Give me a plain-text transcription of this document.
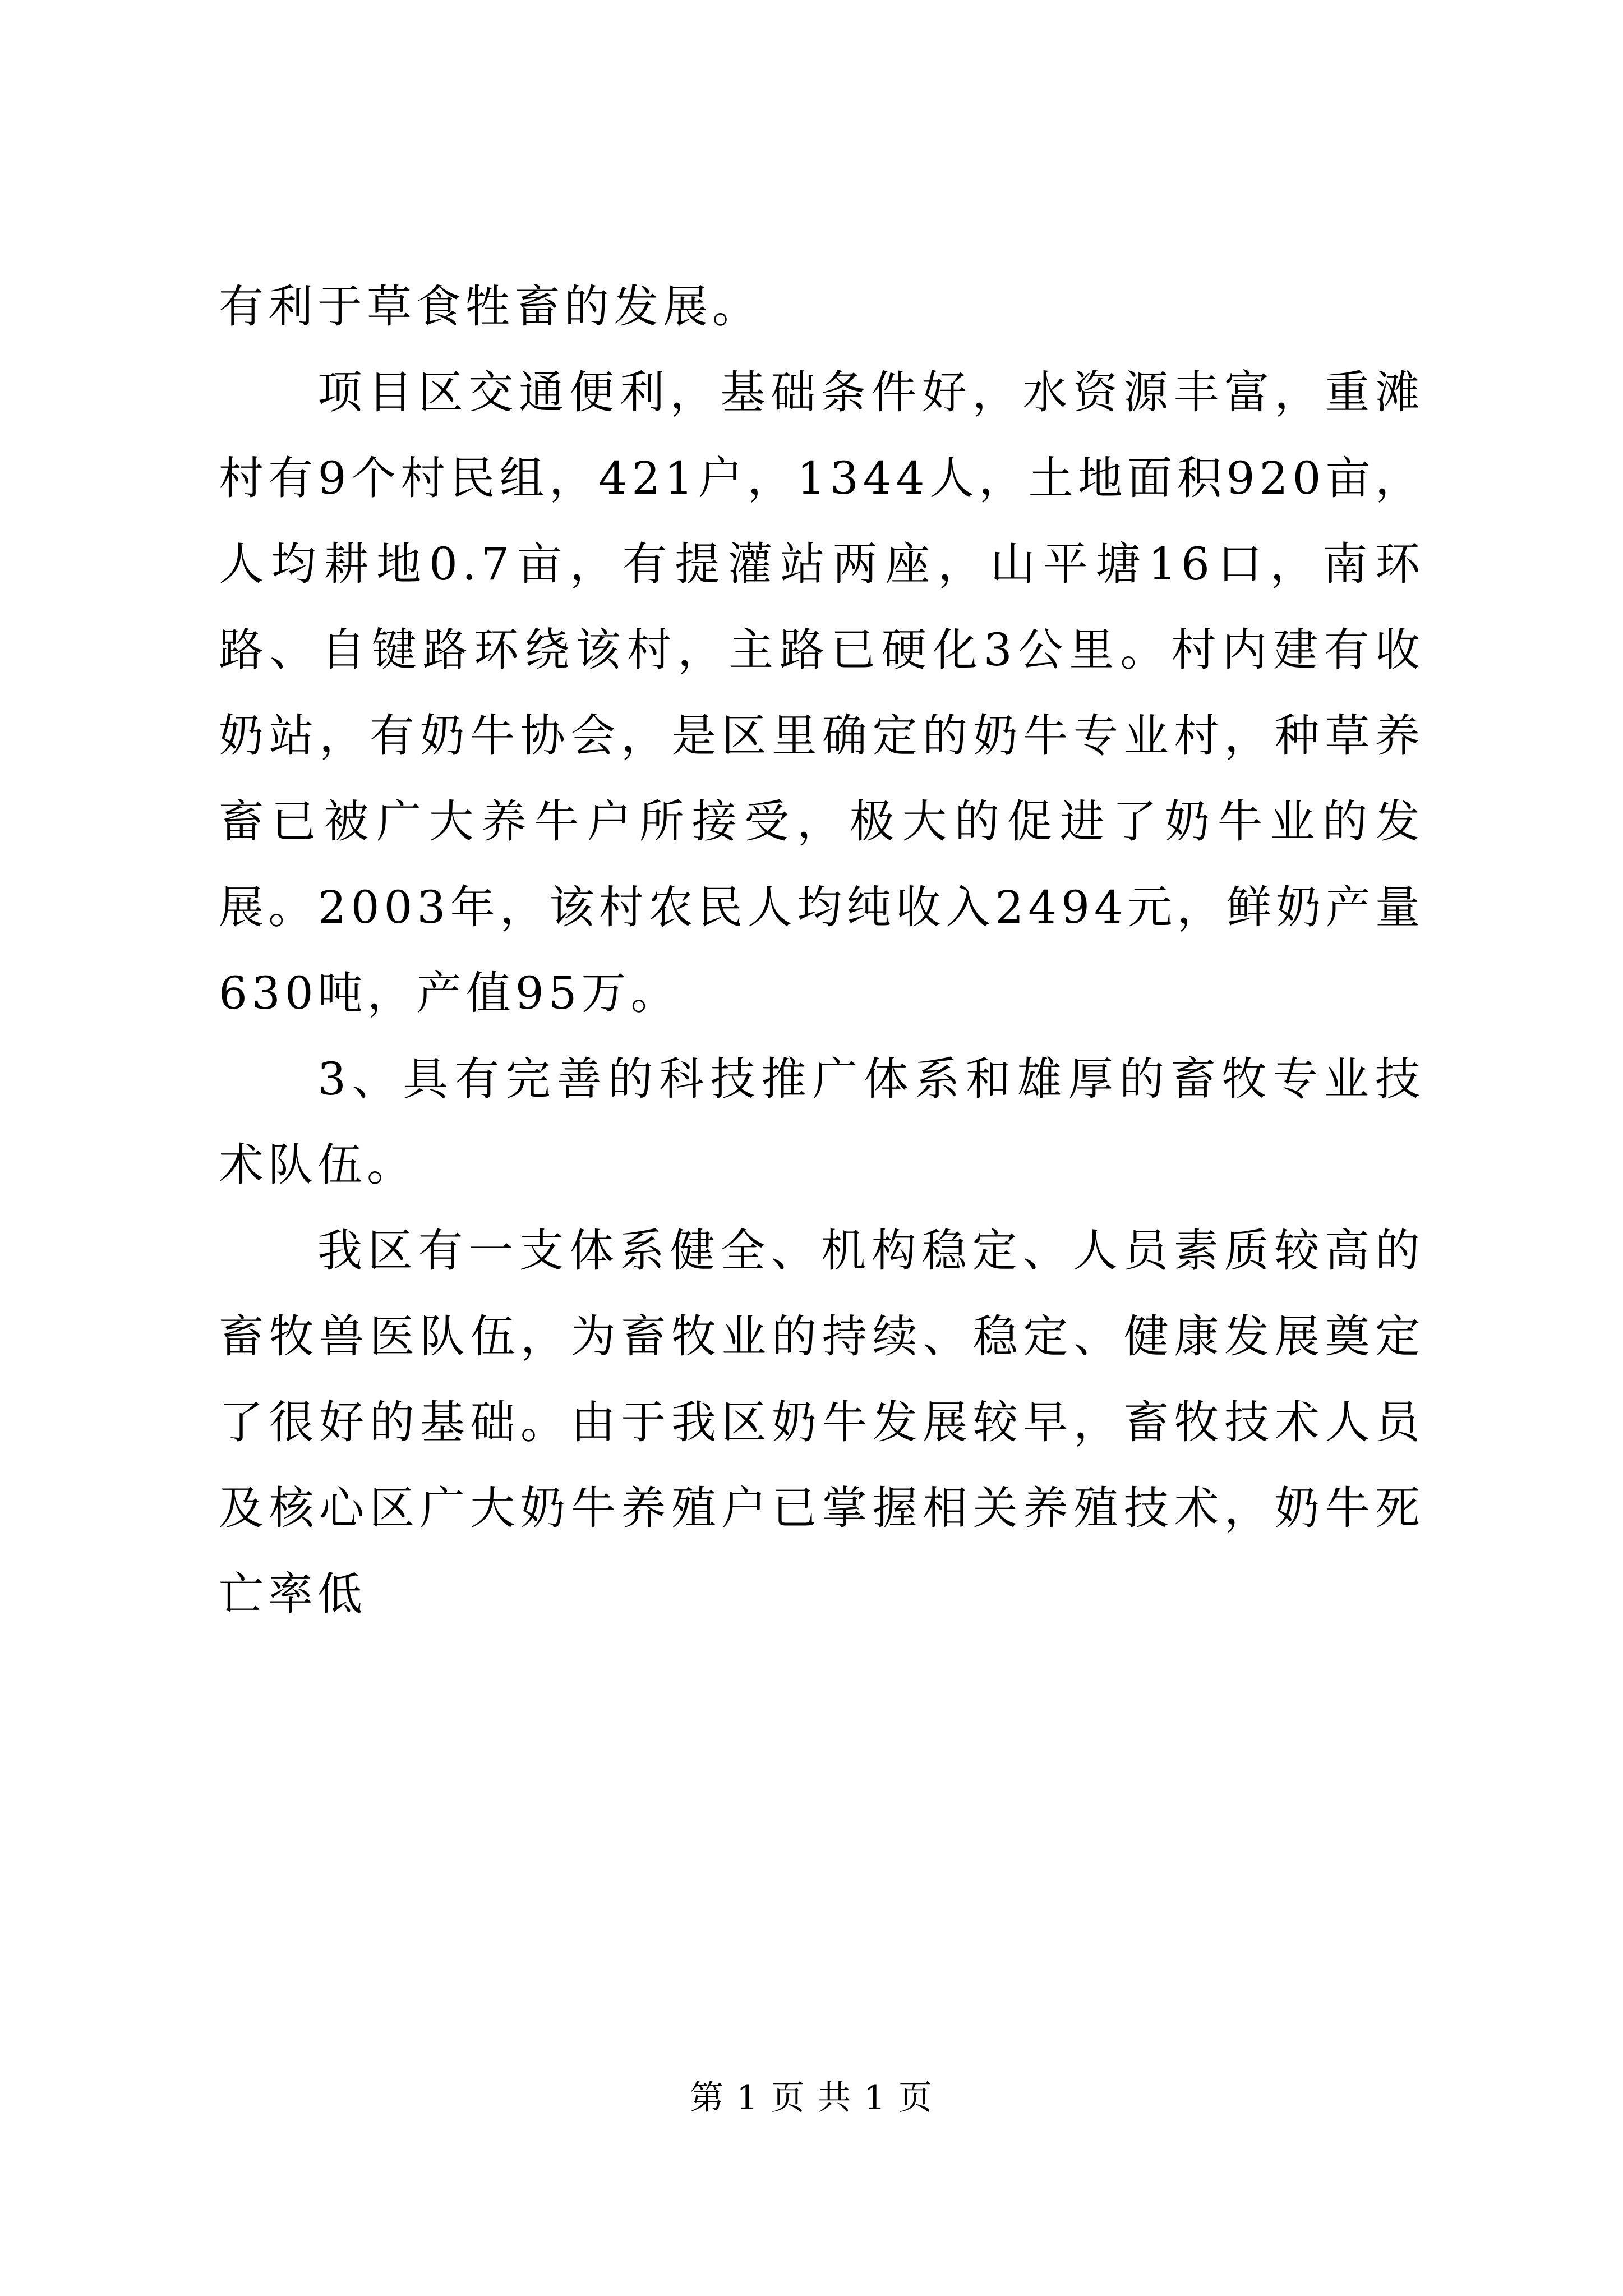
有利于草食牲畜的发展。

项目区交通便利，基础条件好，水资源丰富，重滩村有9个村民组，421户，1344人，土地面积920亩，人均耕地0.7亩，有提灌站两座，山平塘16口，南环路、自键路环绕该村，主路已硬化3公里。村内建有收奶站，有奶牛协会，是区里确定的奶牛专业村，种草养畜已被广大养牛户所接受，极大的促进了奶牛业的发展。2003年，该村农民人均纯收入2494元，鲜奶产量630吨，产值95万。

3、具有完善的科技推广体系和雄厚的畜牧专业技术队伍。

我区有一支体系健全、机构稳定、人员素质较高的畜牧兽医队伍，为畜牧业的持续、稳定、健康发展奠定了很好的基础。由于我区奶牛发展较早，畜牧技术人员及核心区广大奶牛养殖户已掌握相关养殖技术，奶牛死亡率低

第 1 页 共 1 页
